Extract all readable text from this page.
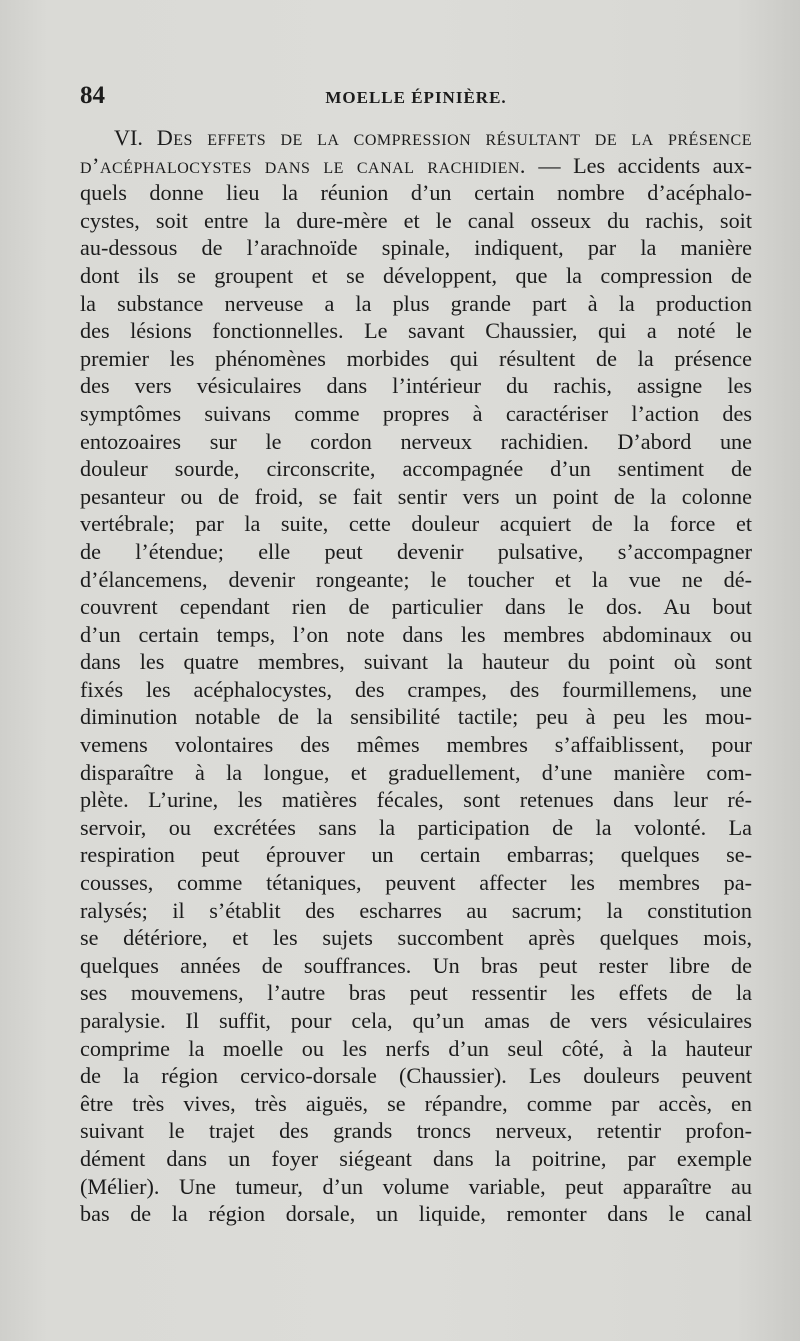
84	MOELLE ÉPINIÈRE.
VI. Des effets de la compression résultant de la présence
d’acéphalocystes dans le canal rachidien. — Les accidents aux-
quels donne lieu la réunion d’un certain nombre d’acéphalo-
cystes, soit entre la dure-mère et le canal osseux du rachis, soit
au-dessous de l’arachnoïde spinale, indiquent, par la manière
dont ils se groupent et se développent, que la compression de
la substance nerveuse a la plus grande part à la production
des lésions fonctionnelles. Le savant Chaussier, qui a noté le
premier les phénomènes morbides qui résultent de la présence
des vers vésiculaires dans l’intérieur du rachis, assigne les
symptômes suivans comme propres à caractériser l’action des
entozoaires sur le cordon nerveux rachidien. D’abord une
douleur sourde, circonscrite, accompagnée d’un sentiment de
pesanteur ou de froid, se fait sentir vers un point de la colonne
vertébrale; par la suite, cette douleur acquiert de la force et
de l’étendue; elle peut devenir pulsative, s’accompagner
d’élancemens, devenir rongeante; le toucher et la vue ne dé-
couvrent cependant rien de particulier dans le dos. Au bout
d’un certain temps, l’on note dans les membres abdominaux ou
dans les quatre membres, suivant la hauteur du point où sont
fixés les acéphalocystes, des crampes, des fourmillemens, une
diminution notable de la sensibilité tactile; peu à peu les mou-
vemens volontaires des mêmes membres s’affaiblissent, pour
disparaître à la longue, et graduellement, d’une manière com-
plète. L’urine, les matières fécales, sont retenues dans leur ré-
servoir, ou excrétées sans la participation de la volonté. La
respiration peut éprouver un certain embarras; quelques se-
cousses, comme tétaniques, peuvent affecter les membres pa-
ralysés; il s’établit des escharres au sacrum; la constitution
se détériore, et les sujets succombent après quelques mois,
quelques années de souffrances. Un bras peut rester libre de
ses mouvemens, l’autre bras peut ressentir les effets de la
paralysie. Il suffit, pour cela, qu’un amas de vers vésiculaires
comprime la moelle ou les nerfs d’un seul côté, à la hauteur
de la région cervico-dorsale (Chaussier). Les douleurs peuvent
être très vives, très aiguës, se répandre, comme par accès, en
suivant le trajet des grands troncs nerveux, retentir profon-
dément dans un foyer siégeant dans la poitrine, par exemple
(Mélier). Une tumeur, d’un volume variable, peut apparaître au
bas de la région dorsale, un liquide, remonter dans le canal
